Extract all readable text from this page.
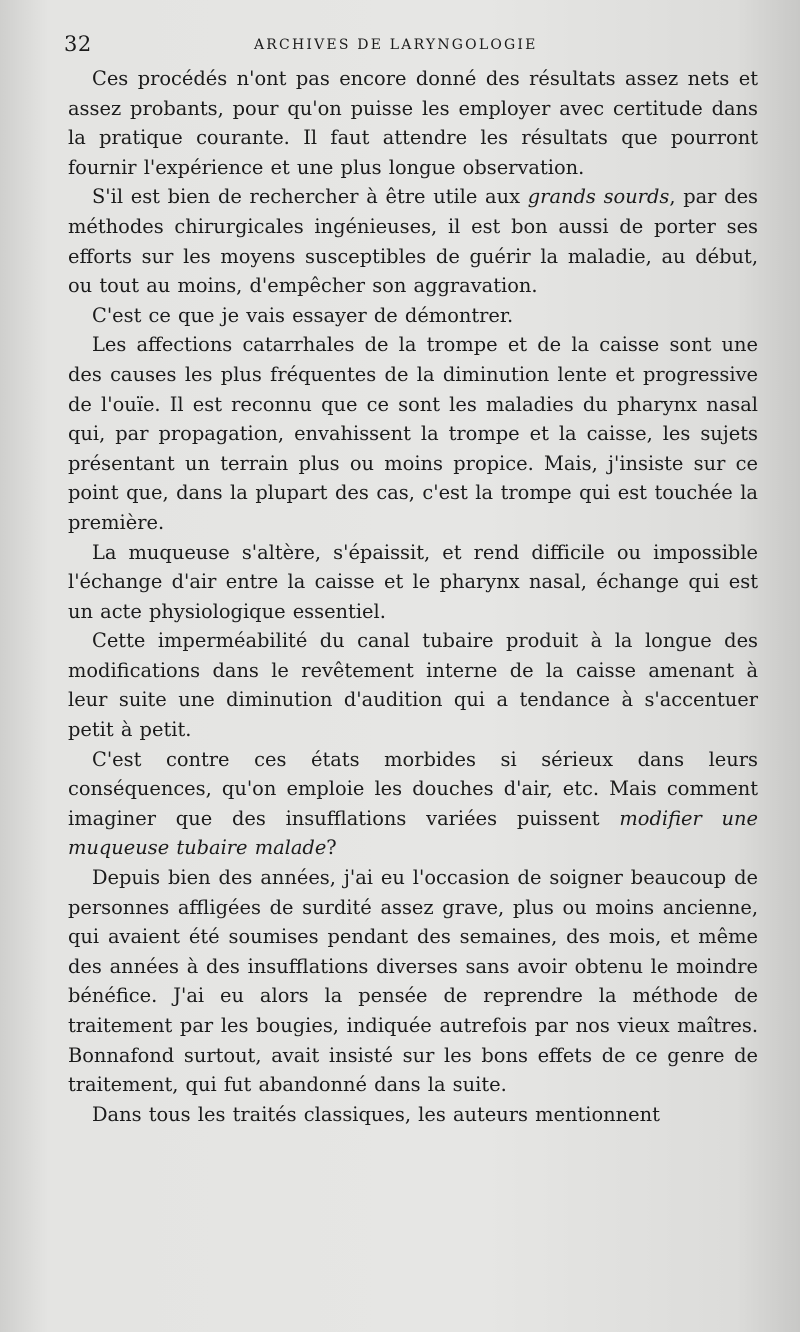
32	ARCHIVES DE LARYNGOLOGIE

Ces procédés n'ont pas encore donné des résultats assez nets et assez probants, pour qu'on puisse les employer avec certitude dans la pratique courante. Il faut attendre les résultats que pourront fournir l'expérience et une plus longue observation.

S'il est bien de rechercher à être utile aux grands sourds, par des méthodes chirurgicales ingénieuses, il est bon aussi de porter ses efforts sur les moyens susceptibles de guérir la maladie, au début, ou tout au moins, d'empêcher son aggravation.

C'est ce que je vais essayer de démontrer.

Les affections catarrhales de la trompe et de la caisse sont une des causes les plus fréquentes de la diminution lente et progressive de l'ouïe. Il est reconnu que ce sont les maladies du pharynx nasal qui, par propagation, envahissent la trompe et la caisse, les sujets présentant un terrain plus ou moins propice. Mais, j'insiste sur ce point que, dans la plupart des cas, c'est la trompe qui est touchée la première.

La muqueuse s'altère, s'épaissit, et rend difficile ou impossible l'échange d'air entre la caisse et le pharynx nasal, échange qui est un acte physiologique essentiel.

Cette imperméabilité du canal tubaire produit à la longue des modifications dans le revêtement interne de la caisse amenant à leur suite une diminution d'audition qui a tendance à s'accentuer petit à petit.

C'est contre ces états morbides si sérieux dans leurs conséquences, qu'on emploie les douches d'air, etc. Mais comment imaginer que des insufflations variées puissent modifier une muqueuse tubaire malade?

Depuis bien des années, j'ai eu l'occasion de soigner beaucoup de personnes affligées de surdité assez grave, plus ou moins ancienne, qui avaient été soumises pendant des semaines, des mois, et même des années à des insufflations diverses sans avoir obtenu le moindre bénéfice. J'ai eu alors la pensée de reprendre la méthode de traitement par les bougies, indiquée autrefois par nos vieux maîtres. Bonnafond surtout, avait insisté sur les bons effets de ce genre de traitement, qui fut abandonné dans la suite.

Dans tous les traités classiques, les auteurs mentionnent
